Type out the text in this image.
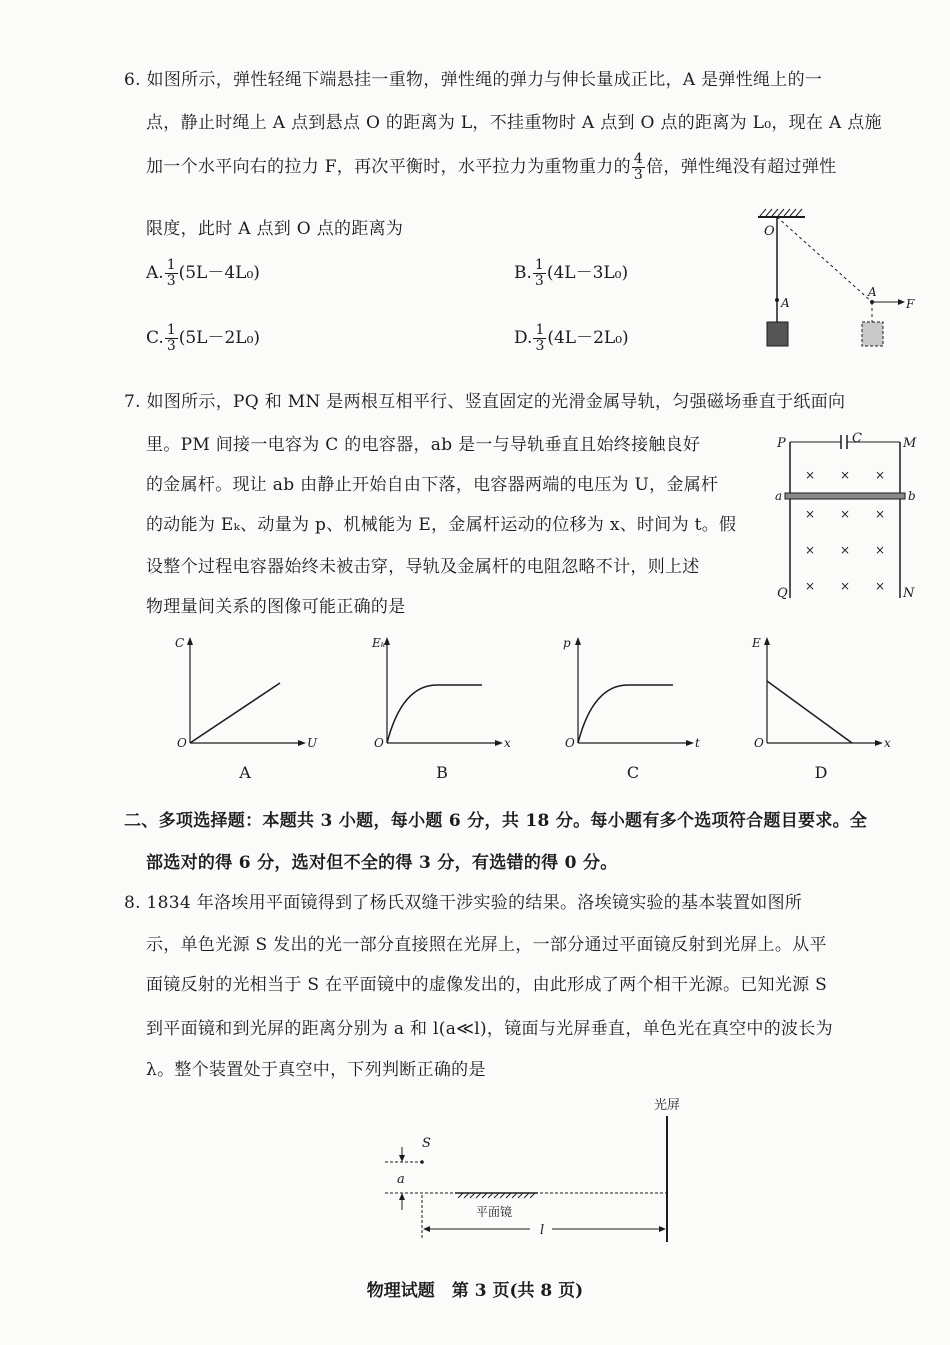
6. 如图所示，弹性轻绳下端悬挂一重物，弹性绳的弹力与伸长量成正比，A 是弹性绳上的一
点，静止时绳上 A 点到悬点 O 的距离为 L，不挂重物时 A 点到 O 点的距离为 L₀，现在 A 点施
加一个水平向右的拉力 F，再次平衡时，水平拉力为重物重力的 $\frac{4}{3}$ 倍，弹性绳没有超过弹性
限度，此时 A 点到 O 点的距离为
A. $\frac{1}{3} (5L-4L_0)$	B. $\frac{1}{3} (4L-3L_0)$
C. $\frac{1}{3} (5L-2L_0)$	D. $\frac{1}{3} (4L-2L_0)$
O
A
A
F
7. 如图所示，PQ 和 MN 是两根互相平行、竖直固定的光滑金属导轨，匀强磁场垂直于纸面向
里。PM 间接一电容为 C 的电容器，ab 是一与导轨垂直且始终接触良好
的金属杆。现让 ab 由静止开始自由下落，电容器两端的电压为 U，金属杆
的动能为 Eₖ、动量为 p、机械能为 E，金属杆运动的位移为 x、时间为 t。假
设整个过程电容器始终未被击穿，导轨及金属杆的电阻忽略不计，则上述
物理量间关系的图像可能正确的是
P	M
C
a	b
Q	N
× × ×
× × ×
× × ×
× × ×
C
U
O
A
Eₖ
x
O
B
p
t
O
C
E
x
O
D
二、多项选择题：本题共 3 小题，每小题 6 分，共 18 分。每小题有多个选项符合题目要求。全
部选对的得 6 分，选对但不全的得 3 分，有选错的得 0 分。
8. 1834 年洛埃用平面镜得到了杨氏双缝干涉实验的结果。洛埃镜实验的基本装置如图所
示，单色光源 S 发出的光一部分直接照在光屏上，一部分通过平面镜反射到光屏上。从平
面镜反射的光相当于 S 在平面镜中的虚像发出的，由此形成了两个相干光源。已知光源 S
到平面镜和到光屏的距离分别为 a 和 l(a≪l)，镜面与光屏垂直，单色光在真空中的波长为
λ。整个装置处于真空中，下列判断正确的是
光屏
S
a
平面镜
l
物理试题　第 3 页(共 8 页)
